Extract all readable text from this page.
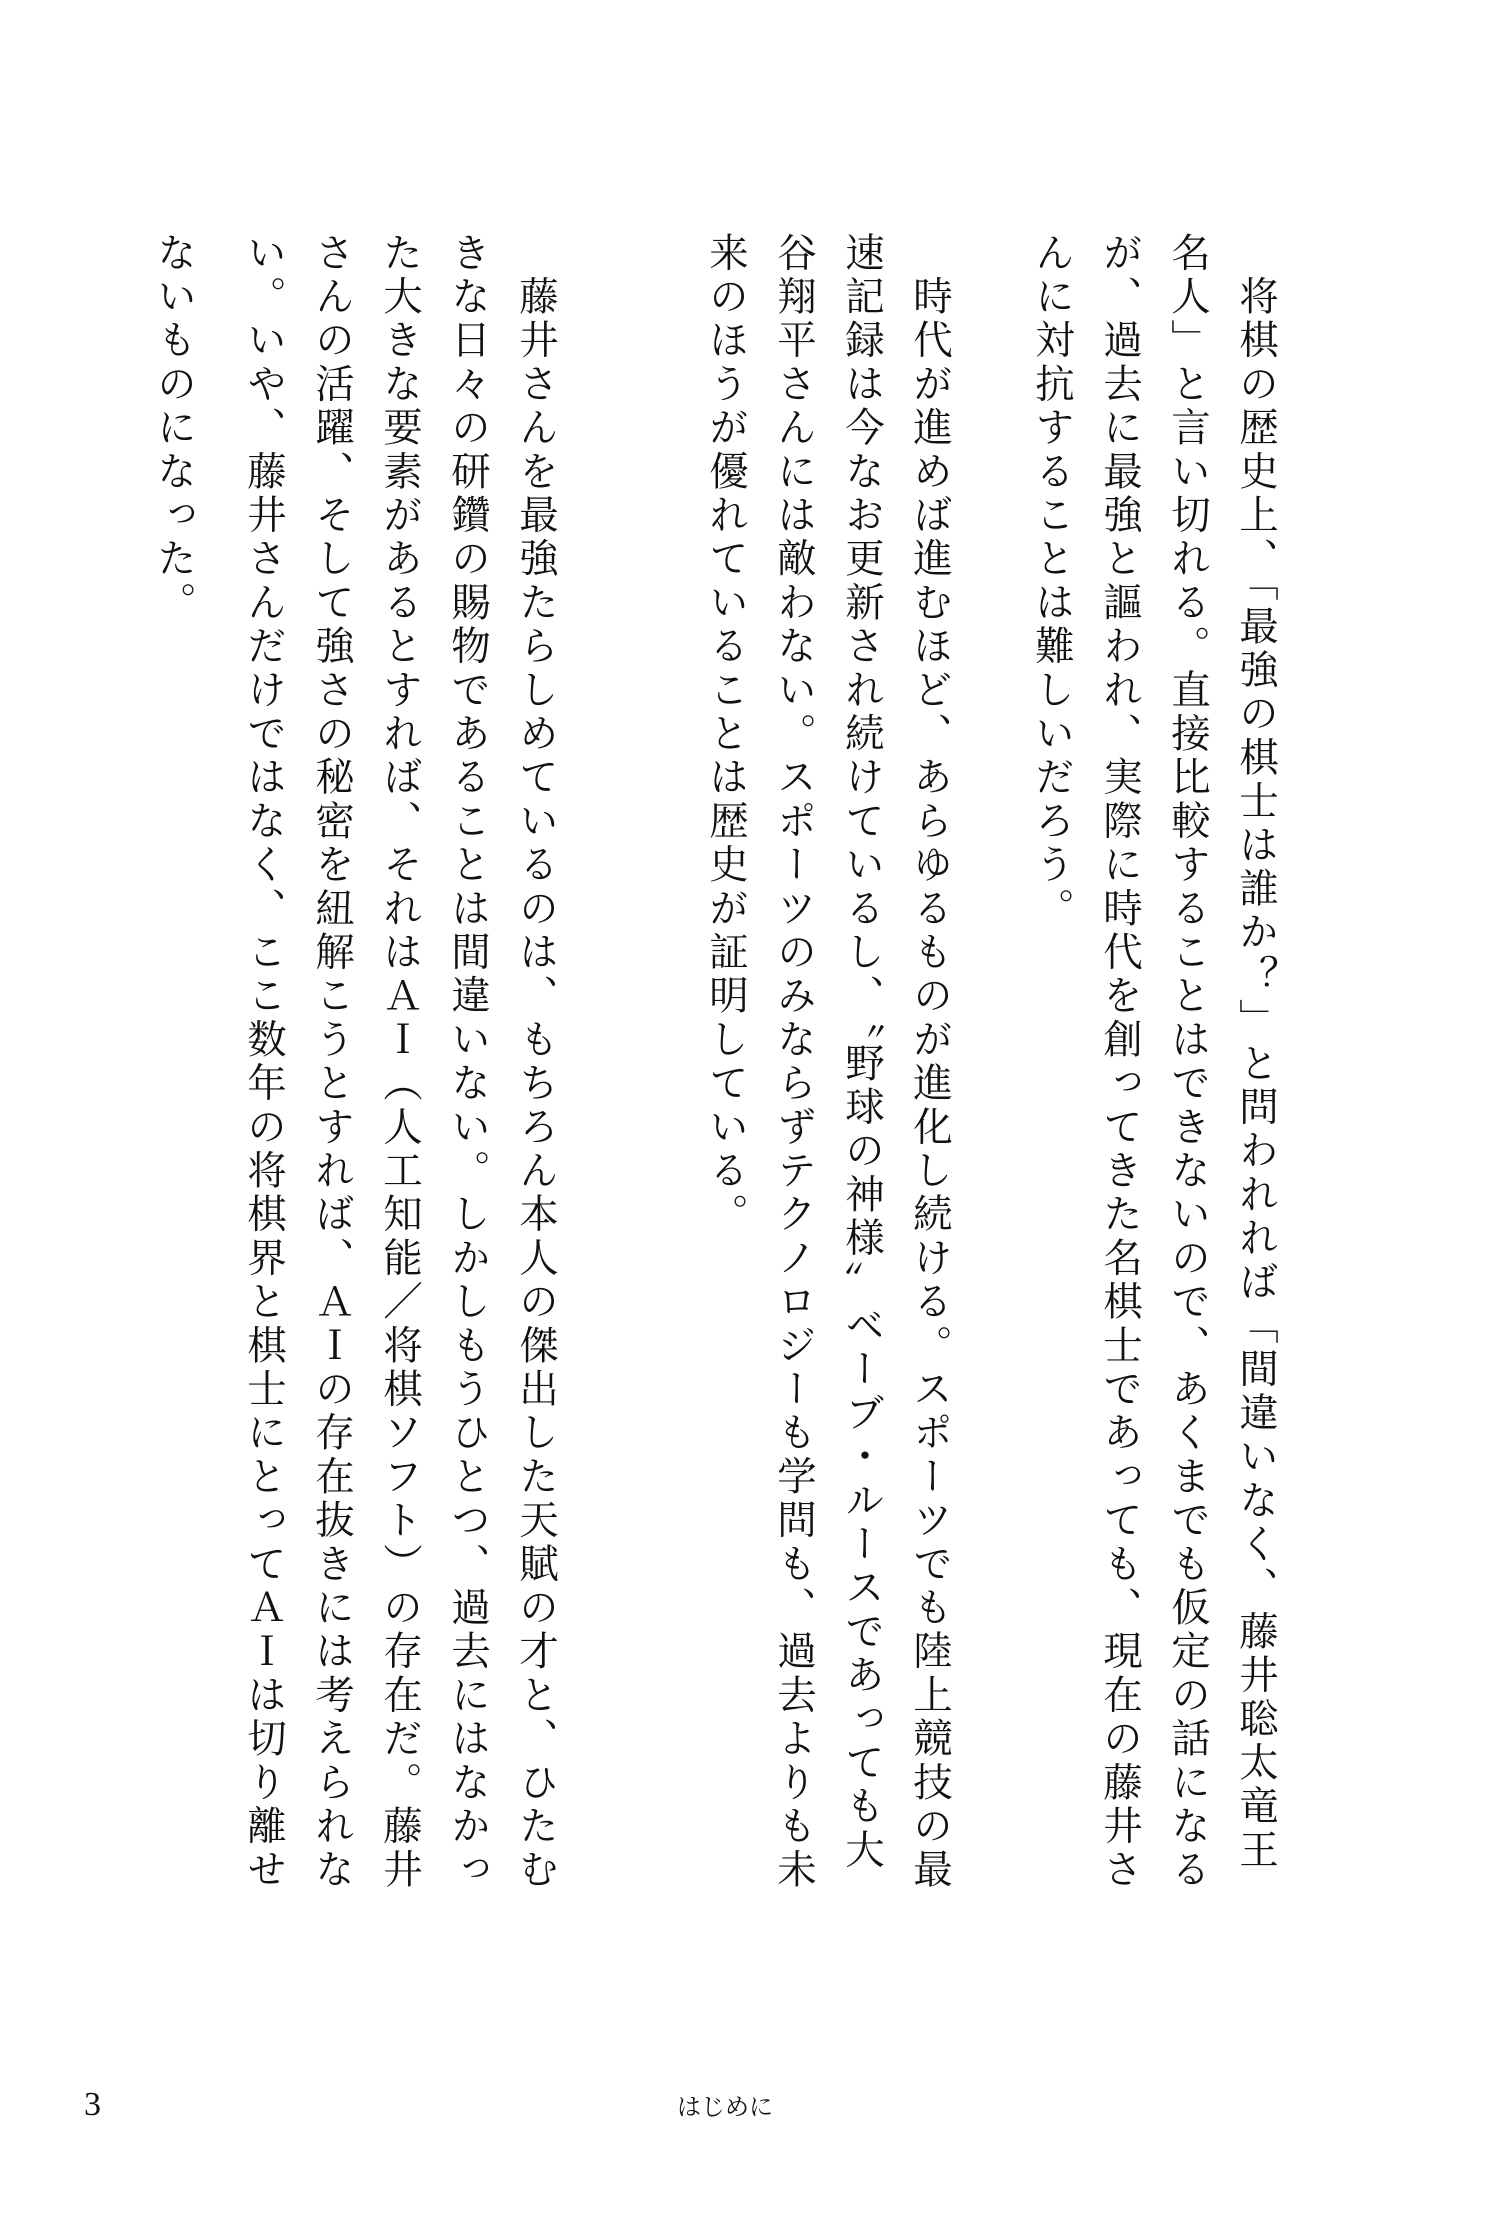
　将棋の歴史上、「最強の棋士は誰か？」と問われれば「間違いなく、藤井聡太竜王
名人」と言い切れる。直接比較することはできないので、あくまでも仮定の話になる
が、過去に最強と謳われ、実際に時代を創ってきた名棋士であっても、現在の藤井さ
んに対抗することは難しいだろう。
　時代が進めば進むほど、あらゆるものが進化し続ける。スポーツでも陸上競技の最
速記録は今なお更新され続けているし、〝野球の神様〟ベーブ・ルースであっても大
谷翔平さんには敵わない。スポーツのみならずテクノロジーも学問も、過去よりも未
来のほうが優れていることは歴史が証明している。
　藤井さんを最強たらしめているのは、もちろん本人の傑出した天賦の才と、ひたむ
きな日々の研鑽の賜物であることは間違いない。しかしもうひとつ、過去にはなかっ
た大きな要素があるとすれば、それはＡＩ（人工知能／将棋ソフト）の存在だ。藤井
さんの活躍、そして強さの秘密を紐解こうとすれば、ＡＩの存在抜きには考えられな
い。いや、藤井さんだけではなく、ここ数年の将棋界と棋士にとってＡＩは切り離せ
ないものになった。
3	はじめに
